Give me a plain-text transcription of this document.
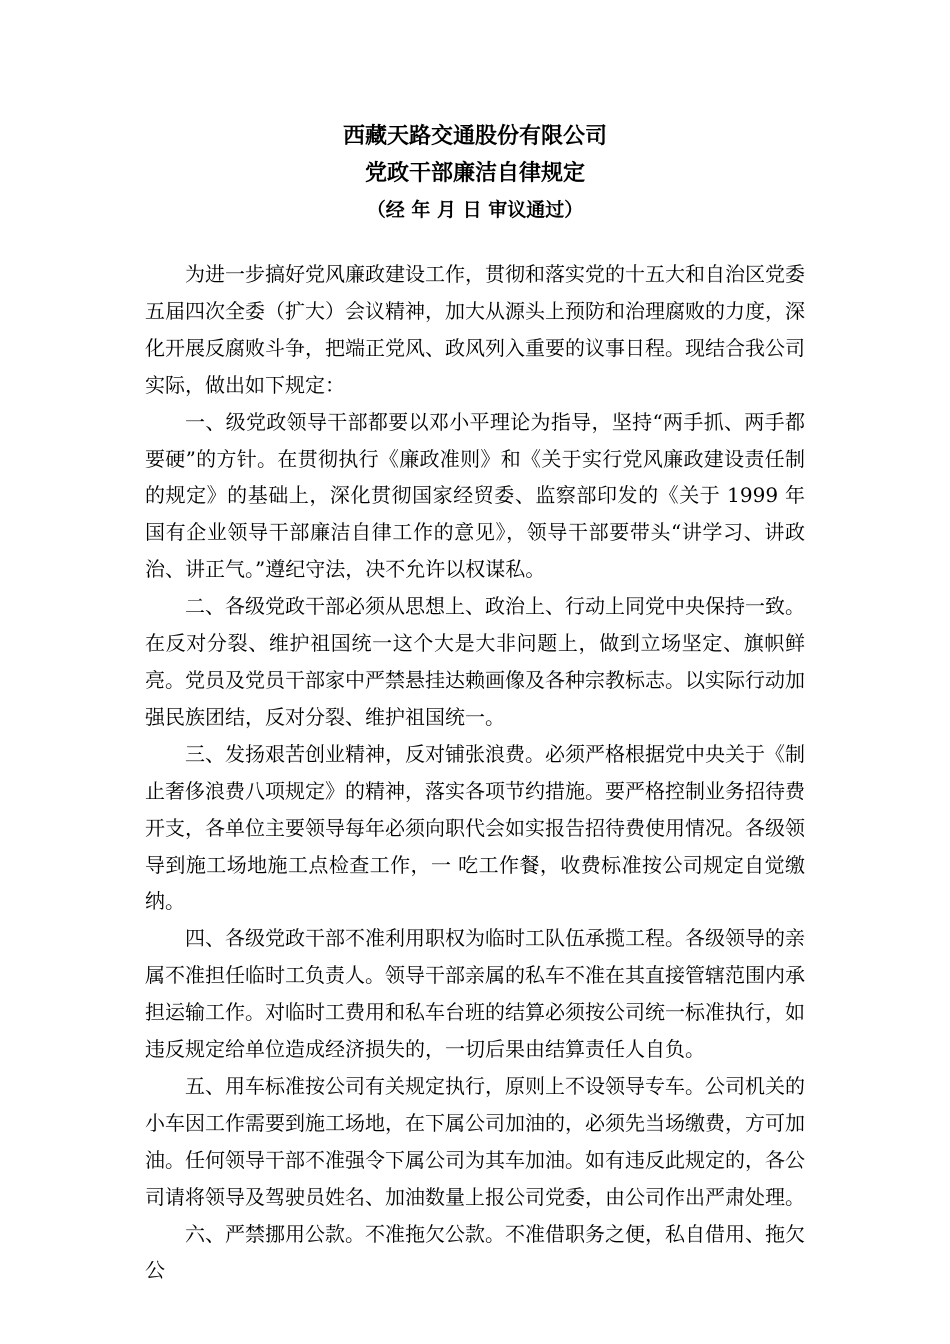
西藏天路交通股份有限公司
党政干部廉洁自律规定
（经 年 月 日 审议通过）

为进一步搞好党风廉政建设工作，贯彻和落实党的十五大和自治区党委五届四次全委（扩大）会议精神，加大从源头上预防和治理腐败的力度，深化开展反腐败斗争，把端正党风、政风列入重要的议事日程。现结合我公司实际，做出如下规定：

一、级党政领导干部都要以邓小平理论为指导，坚持“两手抓、两手都要硬”的方针。在贯彻执行《廉政准则》和《关于实行党风廉政建设责任制的规定》的基础上，深化贯彻国家经贸委、监察部印发的《关于 1999 年国有企业领导干部廉洁自律工作的意见》，领导干部要带头“讲学习、讲政治、讲正气。”遵纪守法，决不允许以权谋私。

二、各级党政干部必须从思想上、政治上、行动上同党中央保持一致。在反对分裂、维护祖国统一这个大是大非问题上，做到立场坚定、旗帜鲜亮。党员及党员干部家中严禁悬挂达赖画像及各种宗教标志。以实际行动加强民族团结，反对分裂、维护祖国统一。

三、发扬艰苦创业精神，反对铺张浪费。必须严格根据党中央关于《制止奢侈浪费八项规定》的精神，落实各项节约措施。要严格控制业务招待费开支，各单位主要领导每年必须向职代会如实报告招待费使用情况。各级领导到施工场地施工点检查工作，一 吃工作餐，收费标准按公司规定自觉缴纳。

四、各级党政干部不准利用职权为临时工队伍承揽工程。各级领导的亲属不准担任临时工负责人。领导干部亲属的私车不准在其直接管辖范围内承担运输工作。对临时工费用和私车台班的结算必须按公司统一标准执行，如违反规定给单位造成经济损失的，一切后果由结算责任人自负。

五、用车标准按公司有关规定执行，原则上不设领导专车。公司机关的小车因工作需要到施工场地，在下属公司加油的，必须先当场缴费，方可加油。任何领导干部不准强令下属公司为其车加油。如有违反此规定的，各公司请将领导及驾驶员姓名、加油数量上报公司党委，由公司作出严肃处理。

六、严禁挪用公款。不准拖欠公款。不准借职务之便，私自借用、拖欠公
